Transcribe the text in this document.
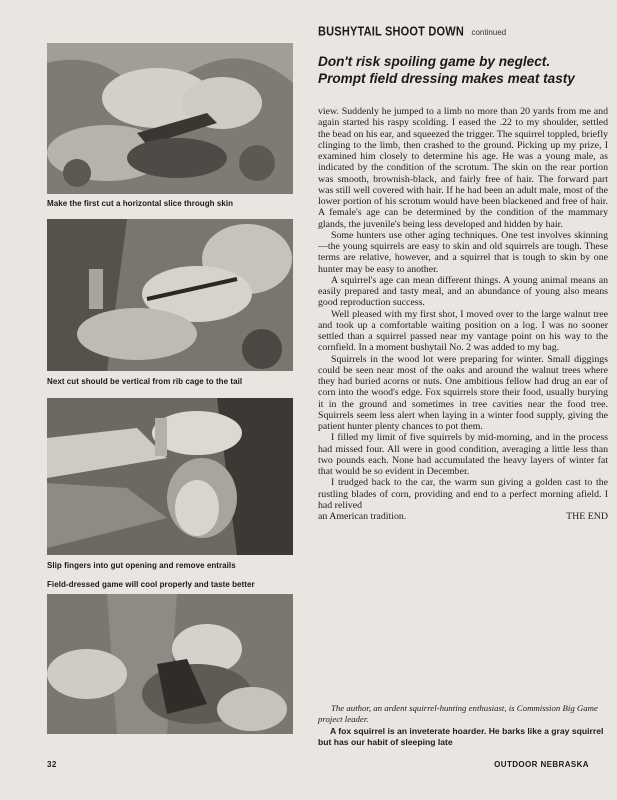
BUSHYTAIL SHOOT DOWN continued
Don't risk spoiling game by neglect.
Prompt field dressing makes meat tasty
Make the first cut a horizontal slice through skin
Next cut should be vertical from rib cage to the tail
Slip fingers into gut opening and remove entrails
Field-dressed game will cool properly and taste better

view. Suddenly he jumped to a limb no more than 20 yards from me and again started his raspy scolding. I eased the .22 to my shoulder, settled the bead on his ear, and squeezed the trigger. The squirrel toppled, briefly clinging to the limb, then crashed to the ground. Picking up my prize, I examined him closely to determine his age. He was a young male, as indicated by the condition of the scrotum. The skin on the rear portion was smooth, brownish-black, and fairly free of hair. The forward part was still well covered with hair. If he had been an adult male, most of the lower portion of his scrotum would have been blackened and free of hair. A female's age can be determined by the condition of the mammary glands, the juvenile's being less developed and hidden by hair.

Some hunters use other aging techniques. One test involves skinning—the young squirrels are easy to skin and old squirrels are tough. These terms are relative, however, and a squirrel that is tough to skin by one hunter may be easy to another.

A squirrel's age can mean different things. A young animal means an easily prepared and tasty meal, and an abundance of young also means good reproduction success.

Well pleased with my first shot, I moved over to the large walnut tree and took up a comfortable waiting position on a log. I was no sooner settled than a squirrel passed near my vantage point on his way to the cornfield. In a moment bushytail No. 2 was added to my bag.

Squirrels in the wood lot were preparing for winter. Small diggings could be seen near most of the oaks and around the walnut trees where they had buried acorns or nuts. One ambitious fellow had drug an ear of corn into the wood's edge. Fox squirrels store their food, usually burying it in the ground and sometimes in tree cavities near the food tree. Squirrels seem less alert when laying in a winter food supply, giving the patient hunter plenty chances to pot them.

I filled my limit of five squirrels by mid-morning, and in the process had missed four. All were in good condition, averaging a little less than two pounds each. None had accumulated the heavy layers of winter fat that would be so evident in December.

I trudged back to the car, the warm sun giving a golden cast to the rustling blades of corn, providing and end to a perfect morning afield. I had relived

an American tradition.	THE END
The author, an ardent squirrel-hunting enthusiast, is Commission Big Game project leader.
A fox squirrel is an inveterate hoarder. He barks like a gray squirrel but has our habit of sleeping late
32	OUTDOOR NEBRASKA
